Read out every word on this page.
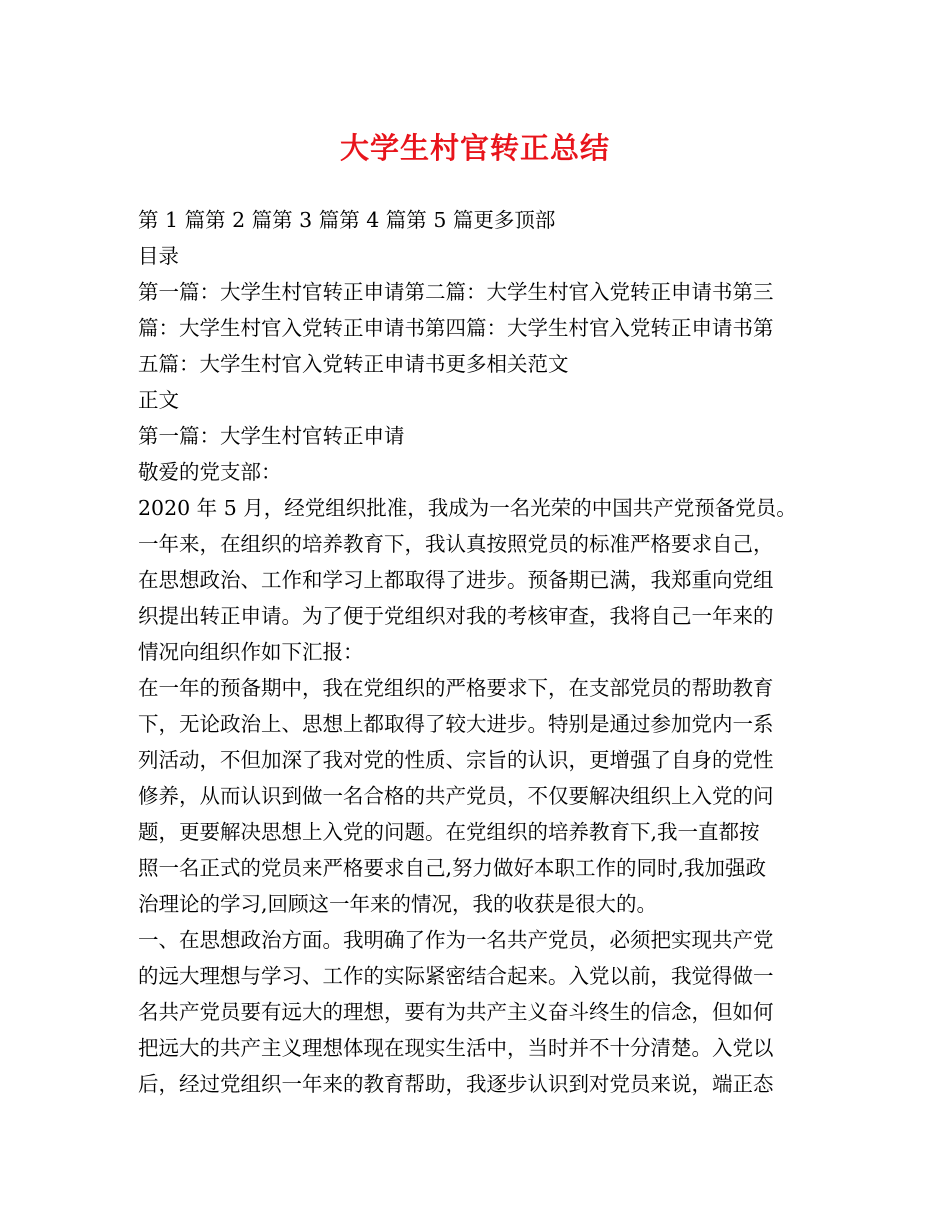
大学生村官转正总结
第 1 篇第 2 篇第 3 篇第 4 篇第 5 篇更多顶部
目录
第一篇：大学生村官转正申请第二篇：大学生村官入党转正申请书第三
篇：大学生村官入党转正申请书第四篇：大学生村官入党转正申请书第
五篇：大学生村官入党转正申请书更多相关范文
正文
第一篇：大学生村官转正申请
敬爱的党支部：
2020 年 5 月，经党组织批准，我成为一名光荣的中国共产党预备党员。
一年来，在组织的培养教育下，我认真按照党员的标准严格要求自己，
在思想政治、工作和学习上都取得了进步。预备期已满，我郑重向党组
织提出转正申请。为了便于党组织对我的考核审查，我将自己一年来的
情况向组织作如下汇报：
在一年的预备期中，我在党组织的严格要求下，在支部党员的帮助教育
下，无论政治上、思想上都取得了较大进步。特别是通过参加党内一系
列活动，不但加深了我对党的性质、宗旨的认识，更增强了自身的党性
修养，从而认识到做一名合格的共产党员，不仅要解决组织上入党的问
题，更要解决思想上入党的问题。在党组织的培养教育下,我一直都按
照一名正式的党员来严格要求自己,努力做好本职工作的同时,我加强政
治理论的学习,回顾这一年来的情况，我的收获是很大的。
一、在思想政治方面。我明确了作为一名共产党员，必须把实现共产党
的远大理想与学习、工作的实际紧密结合起来。入党以前，我觉得做一
名共产党员要有远大的理想，要有为共产主义奋斗终生的信念，但如何
把远大的共产主义理想体现在现实生活中，当时并不十分清楚。入党以
后，经过党组织一年来的教育帮助，我逐步认识到对党员来说，端正态
